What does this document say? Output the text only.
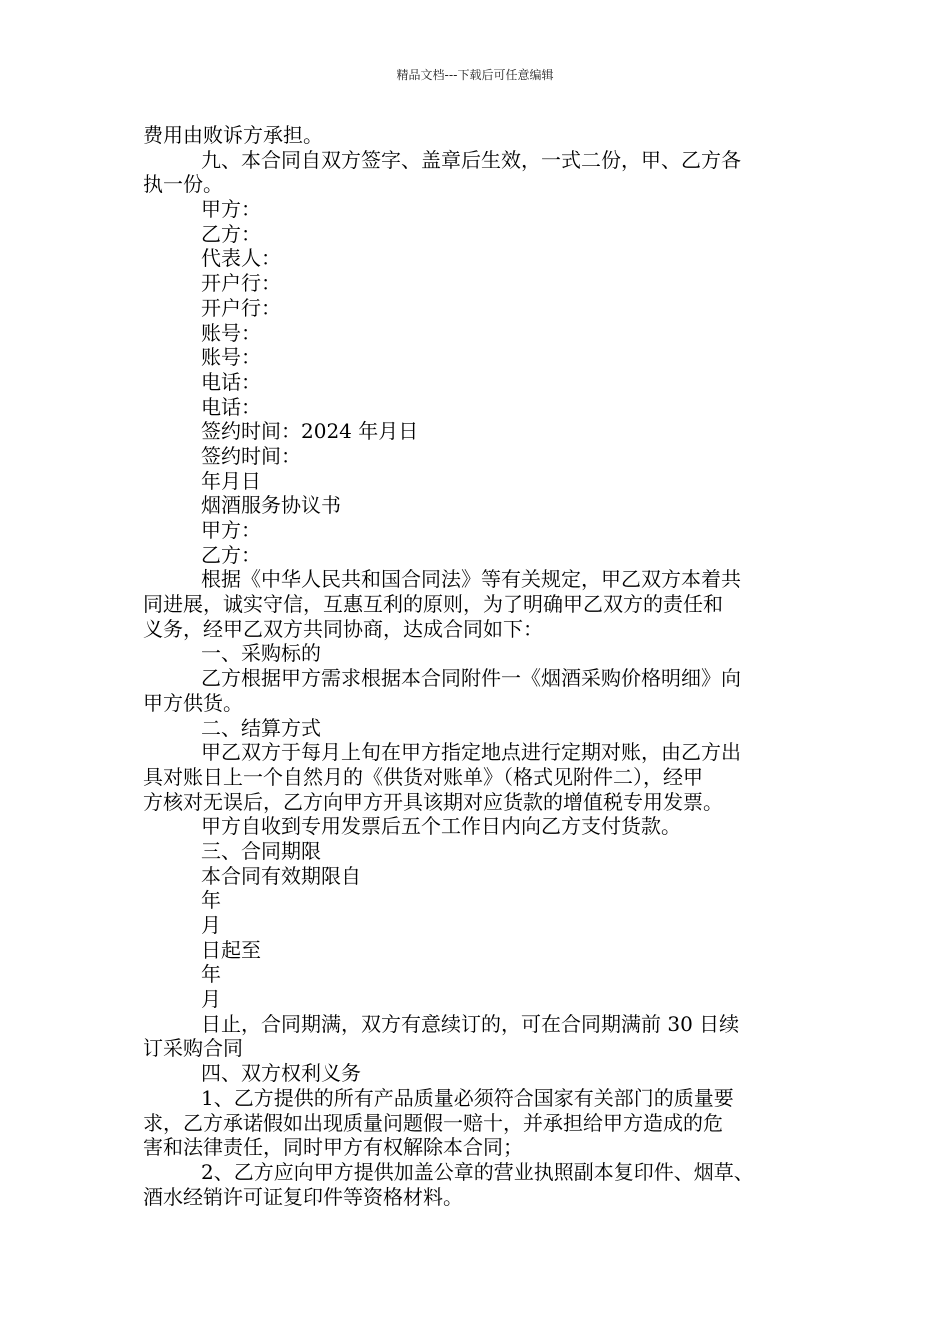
精品文档---下载后可任意编辑
费用由败诉方承担。
九、本合同自双方签字、盖章后生效，一式二份，甲、乙方各
执一份。
甲方：
乙方：
代表人：
开户行：
开户行：
账号：
账号：
电话：
电话：
签约时间：2024 年月日
签约时间：
年月日
烟酒服务协议书
甲方：
乙方：
根据《中华人民共和国合同法》等有关规定，甲乙双方本着共
同进展，诚实守信，互惠互利的原则，为了明确甲乙双方的责任和
义务，经甲乙双方共同协商，达成合同如下：
一、采购标的
乙方根据甲方需求根据本合同附件一《烟酒采购价格明细》向
甲方供货。
二、结算方式
甲乙双方于每月上旬在甲方指定地点进行定期对账，由乙方出
具对账日上一个自然月的《供货对账单》（格式见附件二），经甲
方核对无误后，乙方向甲方开具该期对应货款的增值税专用发票。
甲方自收到专用发票后五个工作日内向乙方支付货款。
三、合同期限
本合同有效期限自
年
月
日起至
年
月
日止，合同期满，双方有意续订的，可在合同期满前 30 日续
订采购合同
四、双方权利义务
1、乙方提供的所有产品质量必须符合国家有关部门的质量要
求，乙方承诺假如出现质量问题假一赔十，并承担给甲方造成的危
害和法律责任，同时甲方有权解除本合同；
2、乙方应向甲方提供加盖公章的营业执照副本复印件、烟草、
酒水经销许可证复印件等资格材料。
